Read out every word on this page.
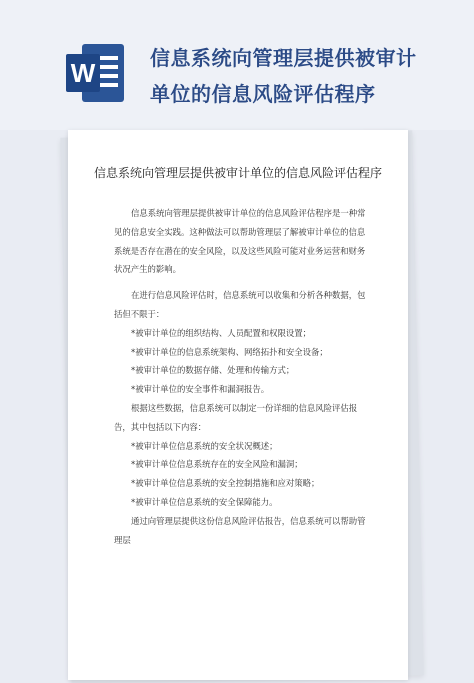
W	信息系统向管理层提供被审计
单位的信息风险评估程序
信息系统向管理层提供被审计单位的信息风险评估程序

信息系统向管理层提供被审计单位的信息风险评估程序是一种常见的信息安全实践。这种做法可以帮助管理层了解被审计单位的信息系统是否存在潜在的安全风险，以及这些风险可能对业务运营和财务状况产生的影响。

在进行信息风险评估时，信息系统可以收集和分析各种数据，包括但不限于：

*被审计单位的组织结构、人员配置和权限设置；

*被审计单位的信息系统架构、网络拓扑和安全设备；

*被审计单位的数据存储、处理和传输方式；

*被审计单位的安全事件和漏洞报告。

根据这些数据，信息系统可以制定一份详细的信息风险评估报告，其中包括以下内容：

*被审计单位信息系统的安全状况概述；

*被审计单位信息系统存在的安全风险和漏洞；

*被审计单位信息系统的安全控制措施和应对策略；

*被审计单位信息系统的安全保障能力。

通过向管理层提供这份信息风险评估报告，信息系统可以帮助管理层
